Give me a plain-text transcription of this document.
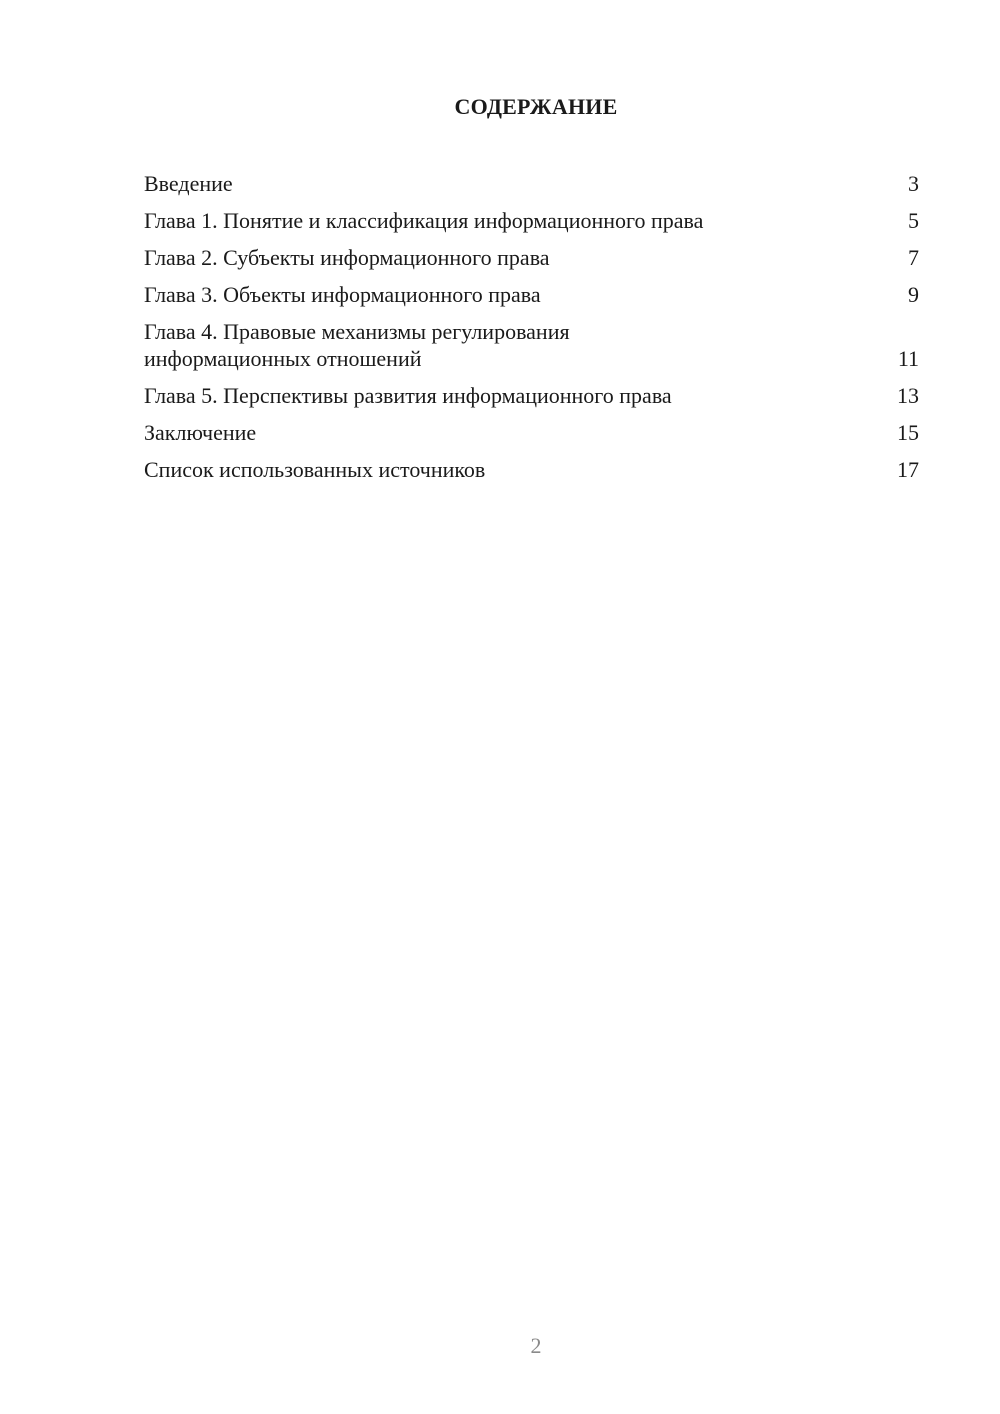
СОДЕРЖАНИЕ
Введение	3
Глава 1. Понятие и классификация информационного права	5
Глава 2. Субъекты информационного права	7
Глава 3. Объекты информационного права	9
Глава 4. Правовые механизмы регулирования информационных отношений	11
Глава 5. Перспективы развития информационного права	13
Заключение	15
Список использованных источников	17
2
